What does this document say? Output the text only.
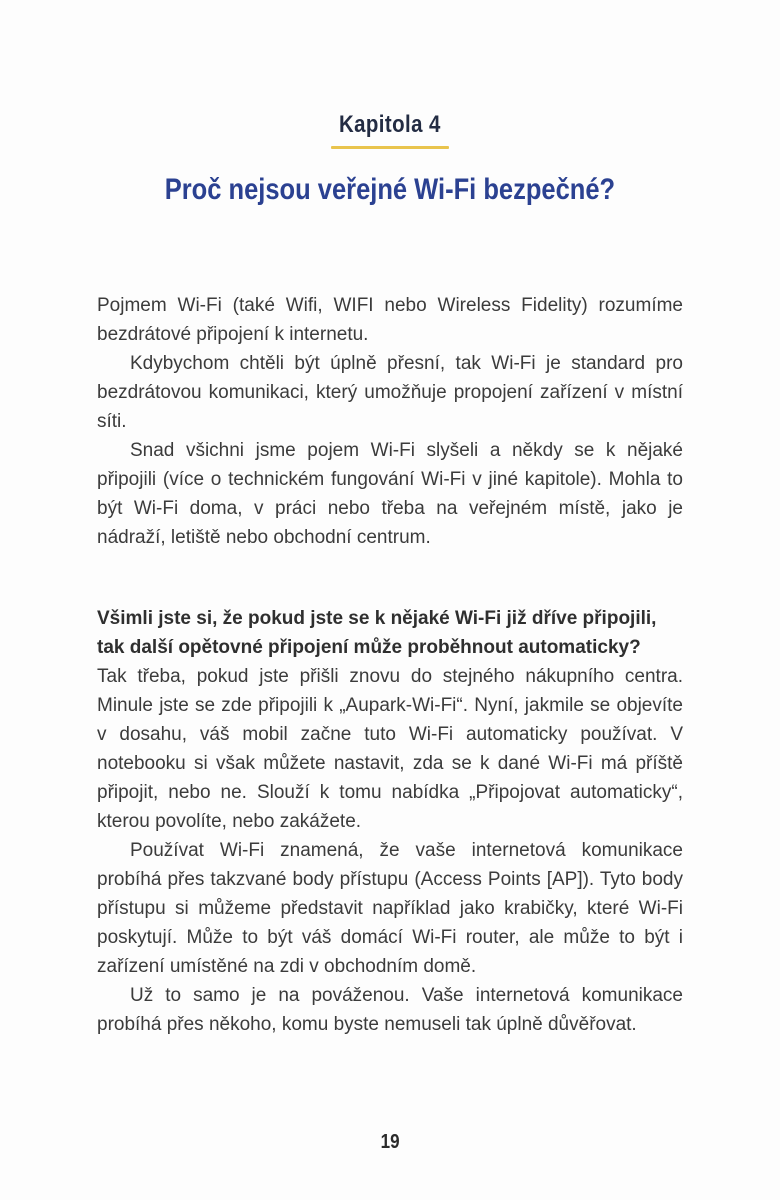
Kapitola 4
Proč nejsou veřejné Wi-Fi bezpečné?

Pojmem Wi-Fi (také Wifi, WIFI nebo Wireless Fidelity) rozumíme bezdrátové připojení k internetu.

Kdybychom chtěli být úplně přesní, tak Wi-Fi je standard pro bezdrátovou komunikaci, který umožňuje propojení zařízení v místní síti.

Snad všichni jsme pojem Wi-Fi slyšeli a někdy se k nějaké připojili (více o technickém fungování Wi-Fi v jiné kapitole). Mohla to být Wi-Fi doma, v práci nebo třeba na veřejném místě, jako je nádraží, letiště nebo obchodní centrum.

Všimli jste si, že pokud jste se k nějaké Wi-Fi již dříve připojili, tak další opětovné připojení může proběhnout automaticky?

Tak třeba, pokud jste přišli znovu do stejného nákupního centra. Minule jste se zde připojili k „Aupark-Wi-Fi“. Nyní, jakmile se objevíte v dosahu, váš mobil začne tuto Wi-Fi automaticky používat. V notebooku si však můžete nastavit, zda se k dané Wi-Fi má příště připojit, nebo ne. Slouží k tomu nabídka „Připojovat automaticky“, kterou povolíte, nebo zakážete.

Používat Wi-Fi znamená, že vaše internetová komunikace probíhá přes takzvané body přístupu (Access Points [AP]). Tyto body přístupu si můžeme představit například jako krabičky, které Wi-Fi poskytují. Může to být váš domácí Wi-Fi router, ale může to být i zařízení umístěné na zdi v obchodním domě.

Už to samo je na pováženou. Vaše internetová komunikace probíhá přes někoho, komu byste nemuseli tak úplně důvěřovat.

19
